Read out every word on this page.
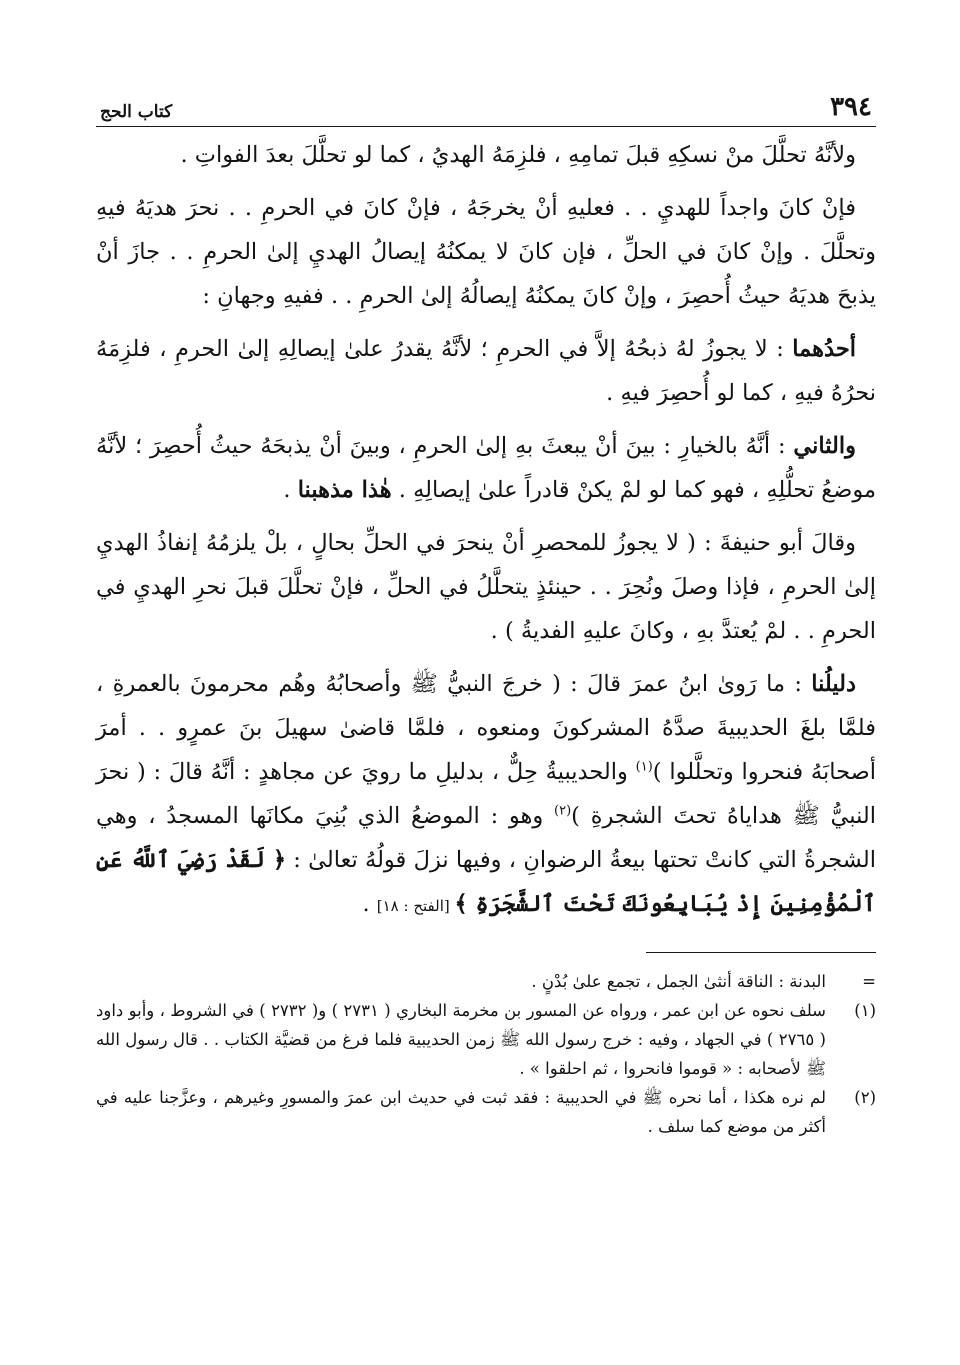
٣٩٤
كتاب الحج

ولأنَّهُ تحلَّلَ منْ نسكِهِ قبلَ تمامِهِ ، فلزِمَهُ الهديُ ، كما لو تحلَّلَ بعدَ الفواتِ .

فإنْ كانَ واجداً للهديِ . . فعليهِ أنْ يخرجَهُ ، فإنْ كانَ في الحرمِ . . نحرَ هديَهُ فيهِ وتحلَّلَ . وإنْ كانَ في الحلِّ ، فإن كانَ لا يمكنُهُ إيصالُ الهديِ إلىٰ الحرمِ . . جازَ أنْ يذبحَ هديَهُ حيثُ أُحصِرَ ، وإنْ كانَ يمكنُهُ إيصالُهُ إلىٰ الحرمِ . . ففيهِ وجهانِ :

أحدُهما : لا يجوزُ لهُ ذبحُهُ إلاَّ في الحرمِ ؛ لأنَّهُ يقدرُ علىٰ إيصالِهِ إلىٰ الحرمِ ، فلزِمَهُ نحرُهُ فيهِ ، كما لو أُحصِرَ فيهِ .

والثاني : أنَّهُ بالخيارِ : بينَ أنْ يبعثَ بهِ إلىٰ الحرمِ ، وبينَ أنْ يذبحَهُ حيثُ أُحصِرَ ؛ لأنَّهُ موضعُ تحلُّلِهِ ، فهو كما لو لمْ يكنْ قادراً علىٰ إيصالِهِ . هٰذا مذهبنا .

وقالَ أبو حنيفةَ : ( لا يجوزُ للمحصرِ أنْ ينحرَ في الحلِّ بحالٍ ، بلْ يلزمُهُ إنفاذُ الهديِ إلىٰ الحرمِ ، فإذا وصلَ ونُحِرَ . . حينئذٍ يتحلَّلُ في الحلِّ ، فإنْ تحلَّلَ قبلَ نحرِ الهديِ في الحرمِ . . لمْ يُعتدَّ بهِ ، وكانَ عليهِ الفديةُ ) .

دليلُنا : ما رَوىٰ ابنُ عمرَ قالَ : ( خرجَ النبيُّ ﷺ وأصحابُهُ وهُم محرمونَ بالعمرةِ ، فلمَّا بلغَ الحديبيةَ صدَّهُ المشركونَ ومنعوه ، فلمَّا قاضىٰ سهيلَ بنَ عمرٍو . . أمرَ أصحابَهُ فنحروا وتحلَّلوا )$^{(١)}$ والحديبيةُ حِلٌّ ، بدليلِ ما رويَ عن مجاهدٍ : أنَّهُ قالَ : ( نحرَ النبيُّ ﷺ هداياهُ تحتَ الشجرةِ )$^{(٢)}$ وهو : الموضعُ الذي بُنِيَ مكانَها المسجدُ ، وهي الشجرةُ التي كانتْ تحتها بيعةُ الرضوانِ ، وفيها نزلَ قولُهُ تعالىٰ : ﴿ لَقَدْ رَضِيَ ٱللَّهُ عَنِ ٱلْمُؤْمِنِينَ إِذْ يُبَايِعُونَكَ تَحْتَ ٱلشَّجَرَةِ ﴾ [الفتح : ١٨] .

=
البدنة : الناقة أنثىٰ الجمل ، تجمع علىٰ بُدْنٍ .
(١)
سلف نحوه عن ابن عمر ، ورواه عن المسور بن مخرمة البخاري ( ٢٧٣١ ) و( ٢٧٣٢ ) في الشروط ، وأبو داود ( ٢٧٦٥ ) في الجهاد ، وفيه : خرج رسول الله ﷺ زمن الحديبية فلما فرغ من قضيَّة الكتاب . . قال رسول الله ﷺ لأصحابه : « قوموا فانحروا ، ثم احلقوا » .
(٢)
لم نره هكذا ، أما نحره ﷺ في الحديبية : فقد ثبت في حديث ابن عمرَ والمسورِ وغيرهم ، وعزَّجنا عليه في أكثر من موضع كما سلف .
